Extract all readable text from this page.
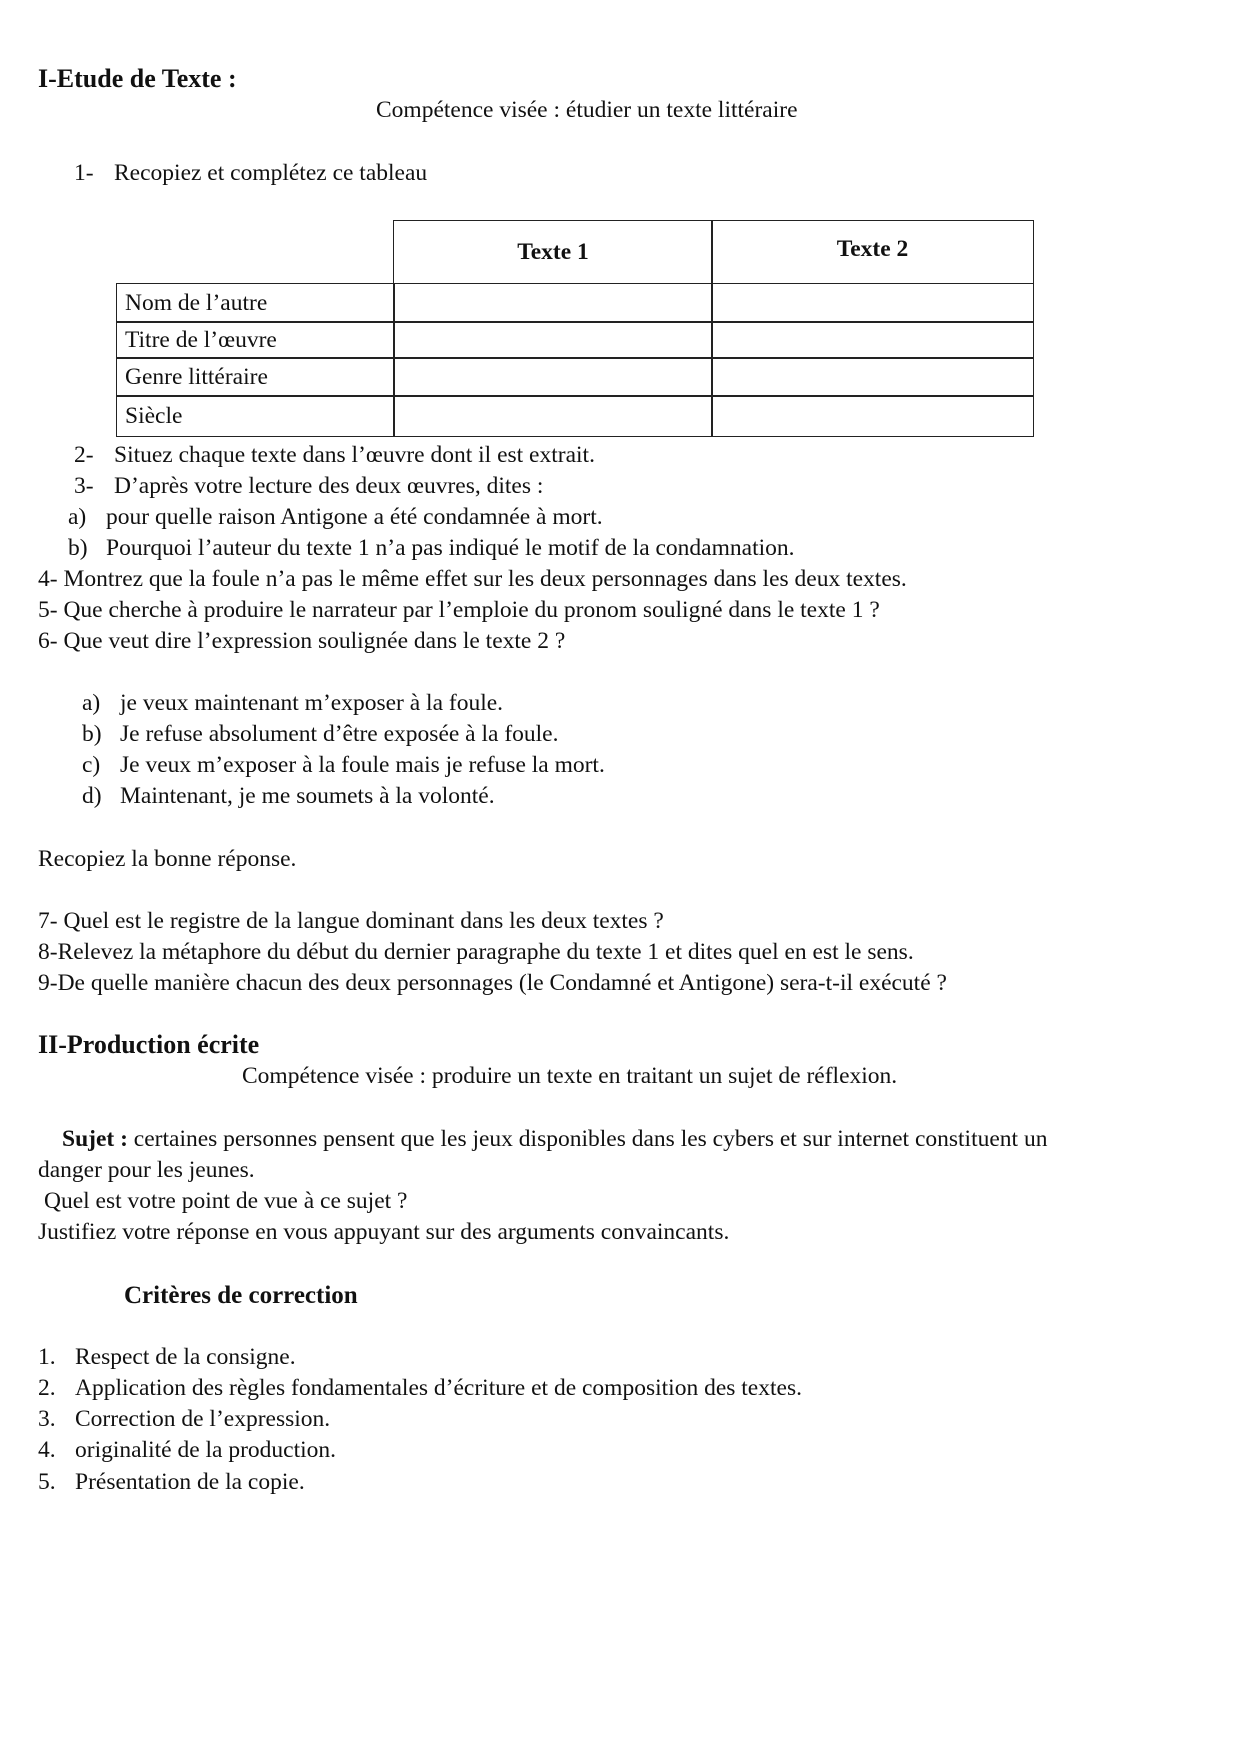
I-Etude de Texte :
Compétence visée : étudier un texte littéraire
1- Recopiez et complétez ce tableau
Texte 1	Texte 2
Nom de l’autre
Titre de l’œuvre
Genre littéraire
Siècle
2- Situez chaque texte dans l’œuvre dont il est extrait.
3- D’après votre lecture des deux œuvres, dites :
a) pour quelle raison Antigone a été condamnée à mort.
b) Pourquoi l’auteur du texte 1 n’a pas indiqué le motif de la condamnation.
4- Montrez que la foule n’a pas le même effet sur les deux personnages dans les deux textes.
5- Que cherche à produire le narrateur par l’emploie du pronom souligné dans le texte 1 ?
6- Que veut dire l’expression soulignée dans le texte 2 ?
a) je veux maintenant m’exposer à la foule.
b) Je refuse absolument d’être exposée à la foule.
c) Je veux m’exposer à la foule mais je refuse la mort.
d) Maintenant, je me soumets à la volonté.
Recopiez la bonne réponse.
7- Quel est le registre de la langue dominant dans les deux textes ?
8-Relevez la métaphore du début du dernier paragraphe du texte 1 et dites quel en est le sens.
9-De quelle manière chacun des deux personnages (le Condamné et Antigone) sera-t-il exécuté ?
II-Production écrite
Compétence visée : produire un texte en traitant un sujet de réflexion.
Sujet : certaines personnes pensent que les jeux disponibles dans les cybers et sur internet constituent un
danger pour les jeunes.
Quel est votre point de vue à ce sujet ?
Justifiez votre réponse en vous appuyant sur des arguments convaincants.
Critères de correction
1. Respect de la consigne.
2. Application des règles fondamentales d’écriture et de composition des textes.
3. Correction de l’expression.
4. originalité de la production.
5. Présentation de la copie.
